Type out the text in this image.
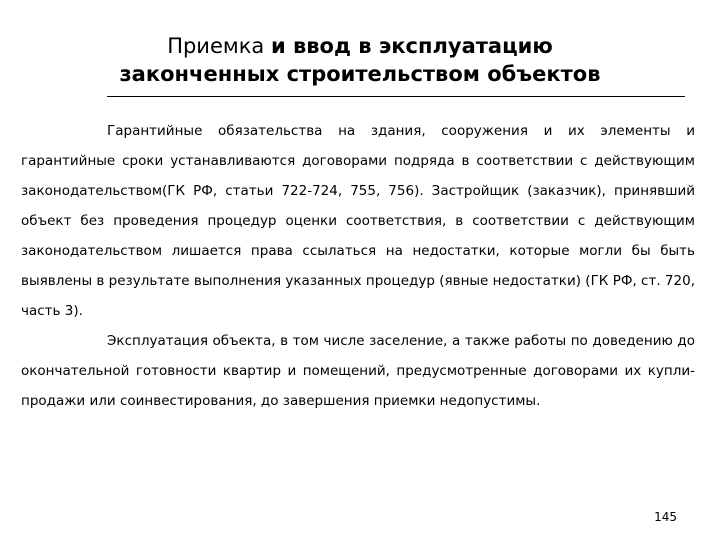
Приемка и ввод в эксплуатацию
законченных строительством объектов

Гарантийные обязательства на здания, сооружения и их элементы и гарантийные сроки устанавливаются договорами подряда в соответствии с действующим законодательством(ГК РФ, статьи 722-724, 755, 756). Застройщик (заказчик), принявший объект без проведения процедур оценки соответствия, в соответствии с действующим законодательством лишается права ссылаться на недостатки, которые могли бы быть выявлены в результате выполнения указанных процедур (явные недостатки) (ГК РФ, ст. 720, часть 3).

Эксплуатация объекта, в том числе заселение, а также работы по доведению до окончательной готовности квартир и помещений, предусмотренные договорами их купли-продажи или соинвестирования, до завершения приемки недопустимы.

145
